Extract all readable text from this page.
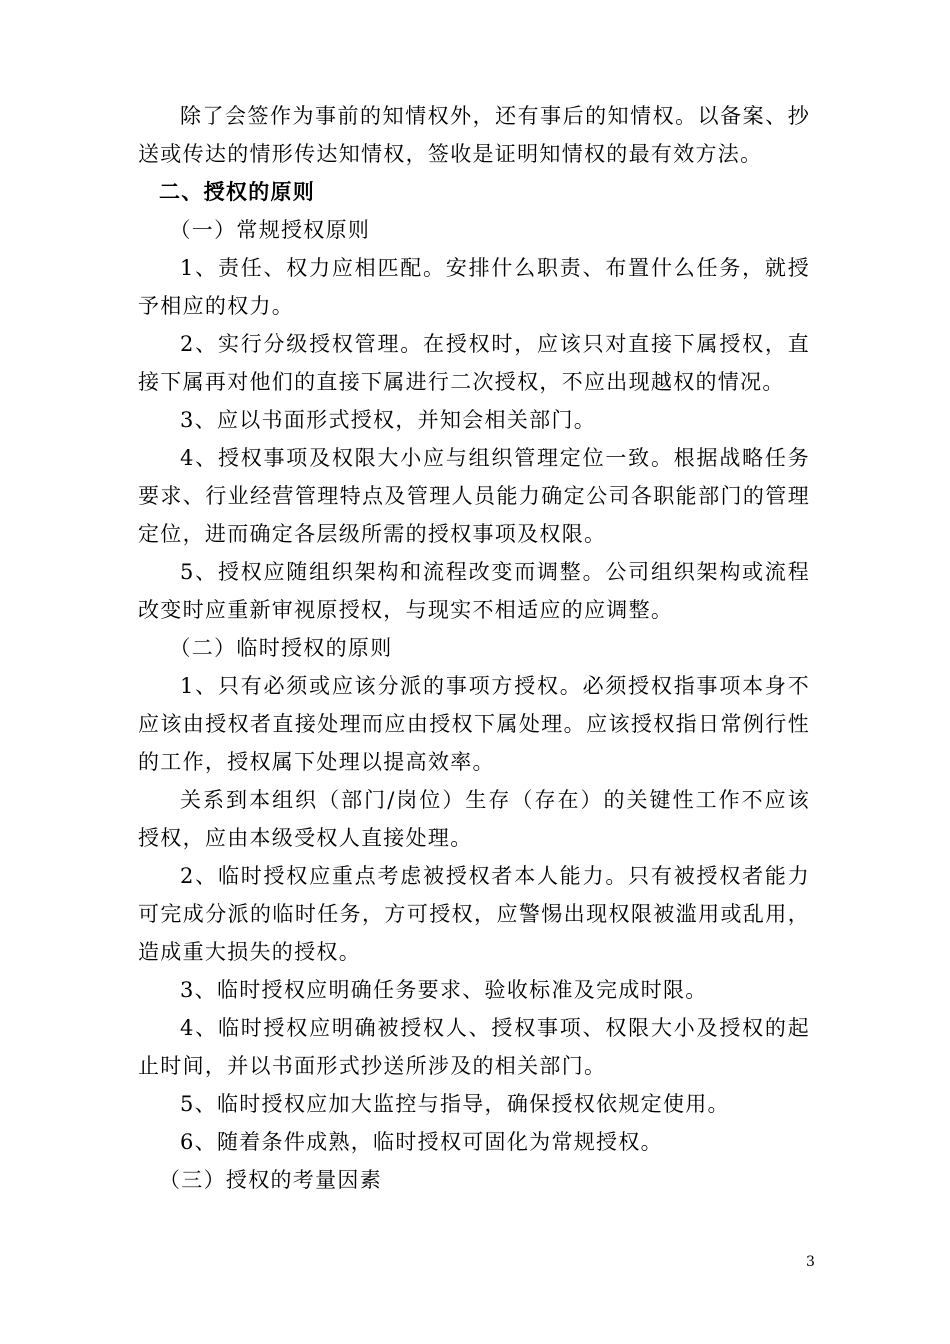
除了会签作为事前的知情权外，还有事后的知情权。以备案、抄送或传达的情形传达知情权，签收是证明知情权的最有效方法。

二、授权的原则

（一）常规授权原则

1、责任、权力应相匹配。安排什么职责、布置什么任务，就授予相应的权力。

2、实行分级授权管理。在授权时，应该只对直接下属授权，直接下属再对他们的直接下属进行二次授权，不应出现越权的情况。

3、应以书面形式授权，并知会相关部门。

4、授权事项及权限大小应与组织管理定位一致。根据战略任务要求、行业经营管理特点及管理人员能力确定公司各职能部门的管理定位，进而确定各层级所需的授权事项及权限。

5、授权应随组织架构和流程改变而调整。公司组织架构或流程改变时应重新审视原授权，与现实不相适应的应调整。

（二）临时授权的原则

1、只有必须或应该分派的事项方授权。必须授权指事项本身不应该由授权者直接处理而应由授权下属处理。应该授权指日常例行性的工作，授权属下处理以提高效率。

关系到本组织（部门/岗位）生存（存在）的关键性工作不应该授权，应由本级受权人直接处理。

2、临时授权应重点考虑被授权者本人能力。只有被授权者能力可完成分派的临时任务，方可授权，应警惕出现权限被滥用或乱用，造成重大损失的授权。

3、临时授权应明确任务要求、验收标准及完成时限。

4、临时授权应明确被授权人、授权事项、权限大小及授权的起止时间，并以书面形式抄送所涉及的相关部门。

5、临时授权应加大监控与指导，确保授权依规定使用。

6、随着条件成熟，临时授权可固化为常规授权。

（三）授权的考量因素

3
